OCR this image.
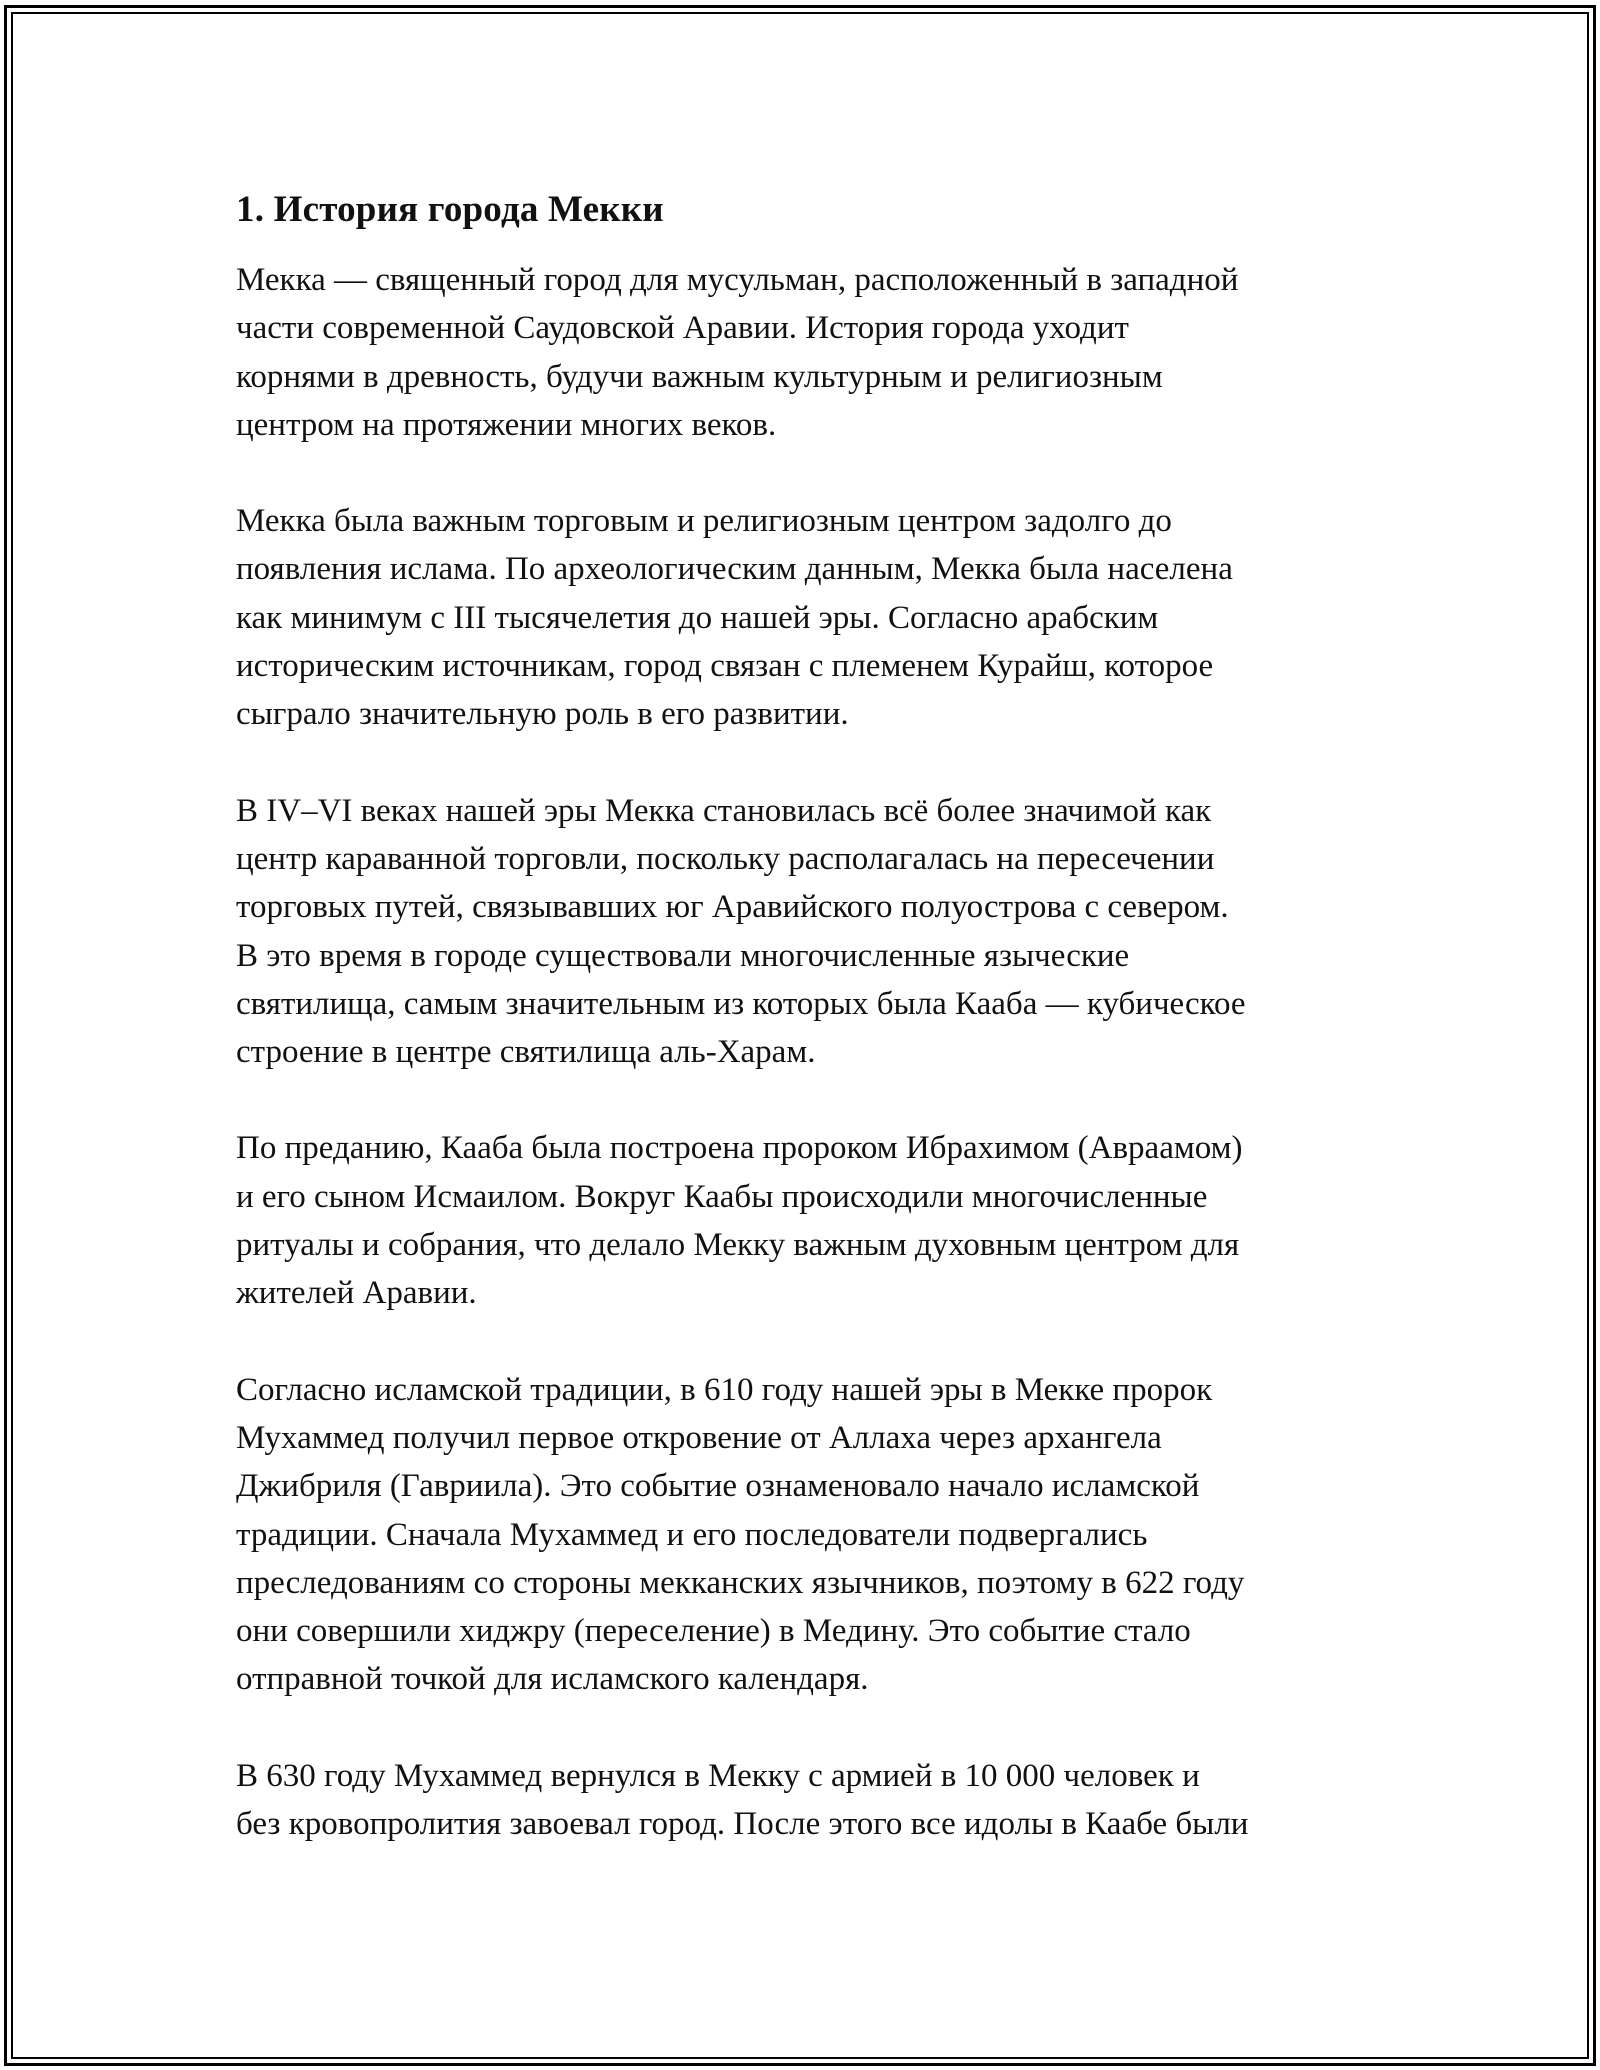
1. История города Мекки

Мекка — священный город для мусульман, расположенный в западной
части современной Саудовской Аравии. История города уходит
корнями в древность, будучи важным культурным и религиозным
центром на протяжении многих веков.

Мекка была важным торговым и религиозным центром задолго до
появления ислама. По археологическим данным, Мекка была населена
как минимум с III тысячелетия до нашей эры. Согласно арабским
историческим источникам, город связан с племенем Курайш, которое
сыграло значительную роль в его развитии.

В IV–VI веках нашей эры Мекка становилась всё более значимой как
центр караванной торговли, поскольку располагалась на пересечении
торговых путей, связывавших юг Аравийского полуострова с севером.
В это время в городе существовали многочисленные языческие
святилища, самым значительным из которых была Кааба — кубическое
строение в центре святилища аль-Харам.

По преданию, Кааба была построена пророком Ибрахимом (Авраамом)
и его сыном Исмаилом. Вокруг Каабы происходили многочисленные
ритуалы и собрания, что делало Мекку важным духовным центром для
жителей Аравии.

Согласно исламской традиции, в 610 году нашей эры в Мекке пророк
Мухаммед получил первое откровение от Аллаха через архангела
Джибриля (Гавриила). Это событие ознаменовало начало исламской
традиции. Сначала Мухаммед и его последователи подвергались
преследованиям со стороны мекканских язычников, поэтому в 622 году
они совершили хиджру (переселение) в Медину. Это событие стало
отправной точкой для исламского календаря.

В 630 году Мухаммед вернулся в Мекку с армией в 10 000 человек и
без кровопролития завоевал город. После этого все идолы в Каабе были
